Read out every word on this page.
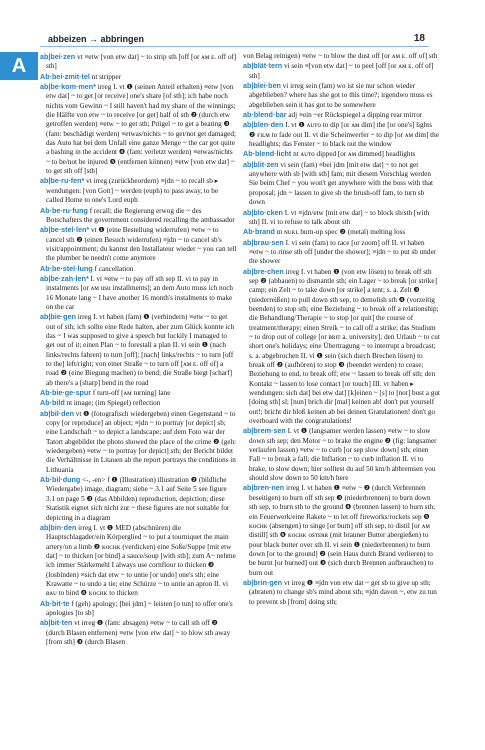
abbeizen → abbringen	18
A	ab|bei·zen vt ≡etw [von etw dat] ~ to strip sth [off [or ᴀᴍ ᴇ. off of] sth]
Ab·bei·zmit·tel nt stripper
ab|be·kom·men* irreg I. vt ❶ (seinen Anteil erhalten) ≡etw [von etw dat] ~ to get [or receive] one's share [of sth]; ich habe noch nichts vom Gewinn ~ I still haven't had my share of the winnings; die Hälfte von etw ~ to receive [or get] half of sth ❷ (durch etw getroffen werden) ≡etw ~ to get sth; Prügel ~ to get a beating ❸ (fam: beschädigt werden) ≡etwas/nichts ~ to get/not get damaged; das Auto hat bei dem Unfall eine ganze Menge ~ the car got quite a bashing in the accident ❹ (fam: verletzt werden) ≡etwas/nichts ~ to be/not be injured ❺ (entfernen können) ≡etw [von etw dat] ~ to get sth off [sth]
ab|be·ru·fen* vt irreg (zurückbeordern) ≡jdn ~ to recall sb ▸ wendungen: [von Gott] ~ werden (euph) to pass away, to be called Home to one's Lord euph
Ab·be·ru·fung f recall; die Regierung erwog die ~ des Botschafters the government considered recalling the ambassador
ab|be·stel·len* vt ❶ (eine Bestellung widerrufen) ≡etw ~ to cancel sth ❷ (einen Besuch widerrufen) ≡jdn ~ to cancel sb's visit/appointment; du kannst den Installateur wieder ~ you can tell the plumber he needn't come anymore
Ab·be·stel·lung f cancellation
ab|be·zah·len* I. vt ≡etw ~ to pay off sth sep II. vi to pay in instalments [or ᴀᴍ usu installments]; an dem Auto muss ich noch 16 Monate lang ~ I have another 16 month's instalments to make on the car
ab|bie·gen irreg I. vt haben (fam) ❶ (verhindern) ≡etw ~ to get out of sth; ich sollte eine Rede halten, aber zum Glück konnte ich das ~ I was supposed to give a speech but luckily I managed to get out of it; einen Plan ~ to forestall a plan II. vi sein ❶ (nach links/rechts fahren) to turn [off]; [nach] links/rechts ~ to turn [off to the] left/right; von einer Straße ~ to turn off [ᴀᴍ ᴇ. off of] a road ❷ (eine Biegung machen) to bend; die Straße biegt [scharf] ab there's a [sharp] bend in the road
Ab·bie·ge·spur f turn-off [ᴀᴍ turning] lane
Ab·bild nt image; (im Spiegel) reflection
ab|bil·den vt ❶ (fotografisch wiedergeben) einen Gegenstand ~ to copy [or reproduce] an object; ≡jdn ~ to portray [or depict] sb; eine Landschaft ~ to depict a landscape; auf dem Foto war der Tatort abgebildet the photo showed the place of the crime ❷ (geh: wiedergeben) ≡etw ~ to portray [or depict] sth; der Bericht bildet die Verhältnisse in Litauen ab the report portrays the conditions in Lithuania
Ab·bil·dung <-, -en> f ❶ (Illustration) illustration ❷ (bildliche Wiedergabe) image, diagram; siehe ~ 3.1 auf Seite 5 see figure 3.1 on page 5 ❸ (das Abbilden) reproduction, depiction; diese Statistik eignet sich nicht zur ~ these figures are not suitable for depicting in a diagram
ab|bin·den irreg I. vt ❶ MED (abschnüren) die Hauptschlagader/ein Körperglied ~ to put a tourniquet the main artery/on a limb ❷ ᴋᴏᴄʜᴋ (verdicken) eine Soße/Suppe [mit etw dat] ~ to thicken [or bind] a sauce/soup [with sth]; zum A~ nehme ich immer Stärkemehl I always use cornflour to thicken ❸ (losbinden) ≡sich dat etw ~ to untie [or undo] one's sth; eine Krawatte ~ to undo a tie; eine Schürze ~ to untie an apron II. vi ʙᴀᴜ to bind ❹ ᴋᴏᴄʜᴋ to thicken
Ab·bit·te f (geh) apology; [bei jdm] ~ leisten [o tun] to offer one's apologies [to sb]
ab|bit·ten vt irreg ❶ (fam: absagen) ≡etw ~ to call sth off ❷ (durch Blasen entfernen) ≡etw [von etw dat] ~ to blow sth away [from sth] ❸ (durch Blasen
von Belag reinigen) ≡etw ~ to blow the dust off [or ᴀᴍ ᴇ. off of] sth
ab|blät·tern vi sein ≡[von etw dat] ~ to peel [off [or ᴀᴍ ᴇ. off of] sth]
ab|blei·ben vi irreg sein (fam) wo ist sie nur schon wieder abgeblieben? where has she got to this time?; irgendwo muss es abgeblieben sein it has got to be somewhere
ab·blend·bar adj ≡ein ~er Rückspiegel a dipping rear mirror
ab|blen·den I. vt ❶ ᴀᴜᴛᴏ to dip [or ᴀᴍ dim] the [or one's] lights ❷ ғɪʟᴍ to fade out II. vt die Scheinwerfer ~ to dip [or ᴀᴍ dim] the headlights; das Fenster ~ to black out the window
Ab·blend·licht nt ᴀᴜᴛᴏ dipped [or ᴀᴍ dimmed] headlights
ab|blit·zen vi sein (fam) ≡bei jdm [mit etw dat] ~ to not get anywhere with sb [with sth] fam; mit diesem Vorschlag werden Sie beim Chef ~ you won't get anywhere with the boss with that proposal; jdn ~ lassen to give sb the brush-off fam, to turn sb down
ab|blo·cken I. vt ≡jdn/etw [mit etw dat] ~ to block sb/sth [with sth] II. vi to refuse to talk about sth
Ab·brand m ɴᴜᴋʟ burn-up spec ❷ (metal) melting loss
ab|brau·sen I. vi sein (fam) to race [or zoom] off II. vt haben ≡etw ~ to rinse sth off [under the shower]; ≡jdn ~ to put sb under the shower
ab|bre·chen irreg I. vt haben ❶ (von etw lösen) to break off sth sep ❷ (abbauen) to dismantle sth; ein Lager ~ to break [or strike] camp; ein Zelt ~ to take down [or strike] a tent; s. a. Zelt ❸ (niederreißen) to pull down sth sep, to demolish sth ❹ (vorzeitig beenden) to stop sth; eine Beziehung ~ to break off a relationship; die Behandlung/Therapie ~ to stop [or quit] the course of treatment/therapy; einen Streik ~ to call off a strike; das Studium ~ to drop out of college [or ʙʀɪᴛ a. university]; den Urlaub ~ to cut short one's holidays; eine Übertragung ~ to interrupt a broadcast; s. a. abgebrochen II. vi ❶ sein (sich durch Brechen lösen) to break off ❷ (aufhören) to stop ❸ (beendet werden) to cease; Beziehung to end, to break off; etw ~ lassen to break off sth; den Kontakt ~ lassen to lose contact [or touch] III. vr haben ▸ wendungen: sich dat] bei etw dat] [k]einen ~ [s] to [not] bust a gut [doing sth] sl; [nun] brich dir [mal] keinen ab! don't put yourself out!; bricht dir bloß keinen ab bei deinen Gratulationen! don't go overboard with the congratulations!
ab|brem·sen I. vt ❶ (langsamer werden lassen) ≡etw ~ to slow down sth sep; den Motor ~ to brake the engine ❷ (fig: langsamer verlaufen lassen) ≡etw ~ to curb [or sep slow down] sth; einen Fall ~ to break a fall; die Inflation ~ to curb inflation II. vi to brake, to slow down; hier solltest du auf 50 km/h abbremsen you should slow down to 50 km/h here
ab|bren·nen irreg I. vt haben ❶ ≡etw ~ ❷ (durch Verbrennen beseitigen) to burn off sth sep ❸ (niederbrennen) to burn down sth sep, to burn sth to the ground ❹ (brennen lassen) to burn sth; ein Feuerwerk/eine Rakete ~ to let off fireworks/rockets sep ❺ ᴋᴏᴄʜᴋ (absengen) to singe [or burn] off sth sep, to distil [or ᴀᴍ distill] sth ❻ ᴋᴏᴄʜᴋ ᴏsᴛᴇʀʀ (mit brauner Butter abergießen) to pour black butter over sth II. vi sein ❶ (niederbrennen) to burn down [or to the ground] ❷ (sein Haus durch Brand verlieren) to be burnt [or burned] out ❸ (sich durch Brennen aufbrauchen) to burn out
ab|brin·gen vt irreg ❶ ≡jdn von etw dat ~ get sb to give up sth; (abraten) to change sb's mind about sth; ≡jdn davon ~, etw zu tun to prevent sb [from] doing sth;
